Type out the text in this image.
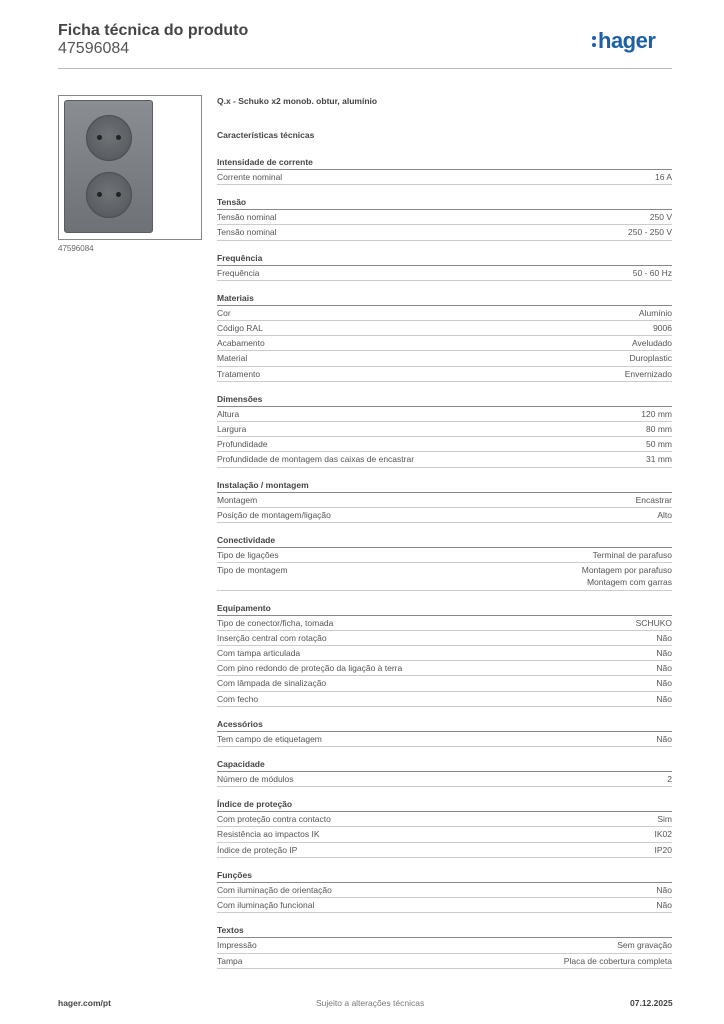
Ficha técnica do produto
47596084	hager
47596084
Q.x - Schuko x2 monob. obtur, alumínio
Características técnicas
Intensidade de corrente
Corrente nominal	16 A
Tensão
Tensão nominal	250 V
Tensão nominal	250 - 250 V
Frequência
Frequência	50 - 60 Hz
Materiais
Cor	Alumínio
Código RAL	9006
Acabamento	Aveludado
Material	Duroplastic
Tratamento	Envernizado
Dimensões
Altura	120 mm
Largura	80 mm
Profundidade	50 mm
Profundidade de montagem das caixas de encastrar	31 mm
Instalação / montagem
Montagem	Encastrar
Posição de montagem/ligação	Alto
Conectividade
Tipo de ligações	Terminal de parafuso
Tipo de montagem	Montagem por parafuso
Montagem com garras
Equipamento
Tipo de conector/ficha, tomada	SCHUKO
Inserção central com rotação	Não
Com tampa articulada	Não
Com pino redondo de proteção da ligação à terra	Não
Com lâmpada de sinalização	Não
Com fecho	Não
Acessórios
Tem campo de etiquetagem	Não
Capacidade
Número de módulos	2
Índice de proteção
Com proteção contra contacto	Sim
Resistência ao impactos IK	IK02
Índice de proteção IP	IP20
Funções
Com iluminação de orientação	Não
Com iluminação funcional	Não
Textos
Impressão	Sem gravação
Tampa	Placa de cobertura completa
hager.com/pt	Sujeito a alterações técnicas	07.12.2025
